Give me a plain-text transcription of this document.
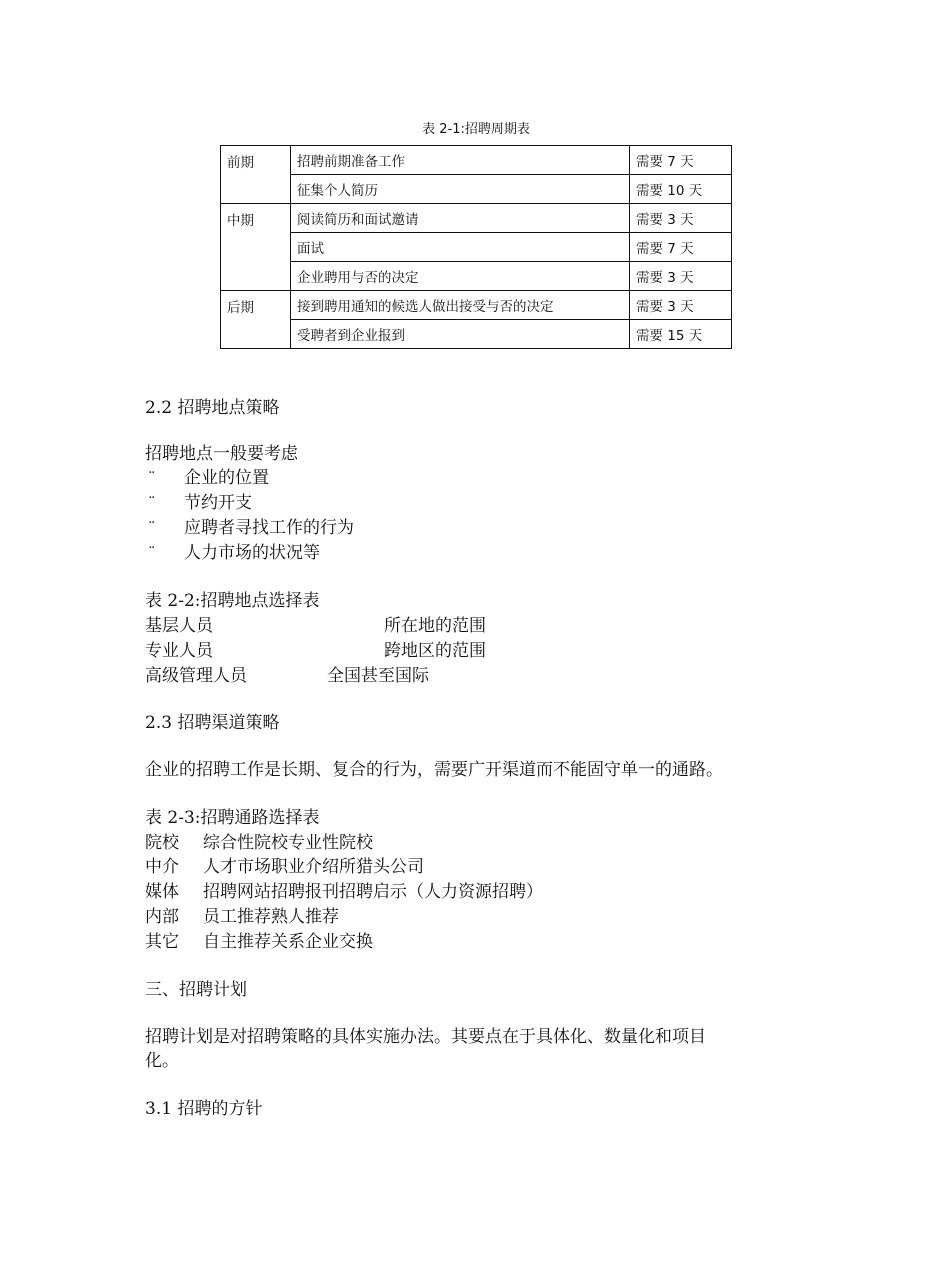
表 2-1:招聘周期表
前期	招聘前期准备工作	需要 7 天
	征集个人简历	需要 10 天
中期	阅读简历和面试邀请	需要 3 天
	面试	需要 7 天
	企业聘用与否的决定	需要 3 天
后期	接到聘用通知的候选人做出接受与否的决定	需要 3 天
	受聘者到企业报到	需要 15 天
2.2 招聘地点策略
招聘地点一般要考虑
¨ 企业的位置
¨ 节约开支
¨ 应聘者寻找工作的行为
¨ 人力市场的状况等
表 2-2:招聘地点选择表
基层人员	所在地的范围
专业人员	跨地区的范围
高级管理人员	全国甚至国际
2.3 招聘渠道策略
企业的招聘工作是长期、复合的行为，需要广开渠道而不能固守单一的通路。
表 2-3:招聘通路选择表
院校 综合性院校专业性院校
中介 人才市场职业介绍所猎头公司
媒体 招聘网站招聘报刊招聘启示（人力资源招聘）
内部 员工推荐熟人推荐
其它 自主推荐关系企业交换
三、招聘计划
招聘计划是对招聘策略的具体实施办法。其要点在于具体化、数量化和项目
化。
3.1 招聘的方针
